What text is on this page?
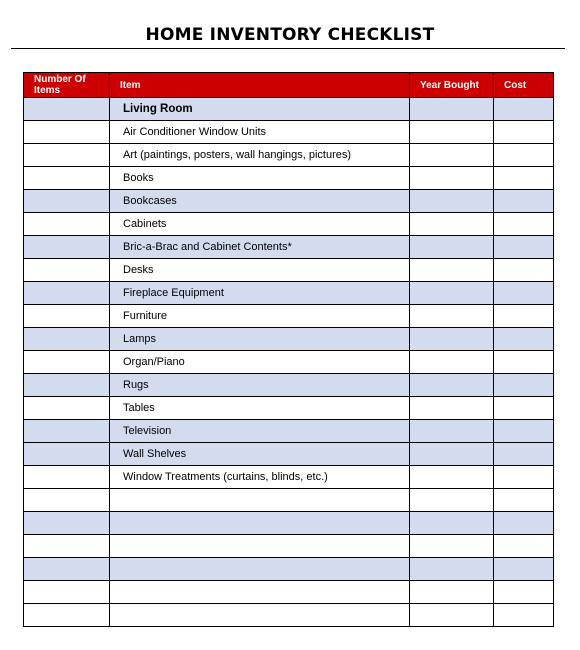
HOME INVENTORY CHECKLIST
Number Of Items	Item	Year Bought	Cost

	Living Room		

	Air Conditioner Window Units		

	Art (paintings, posters, wall hangings, pictures)		

	Books		

	Bookcases		

	Cabinets		

	Bric-a-Brac and Cabinet Contents*		

	Desks		

	Fireplace Equipment		

	Furniture		

	Lamps		

	Organ/Piano		

	Rugs		

	Tables		

	Television		

	Wall Shelves		

	Window Treatments (curtains, blinds, etc.)		
